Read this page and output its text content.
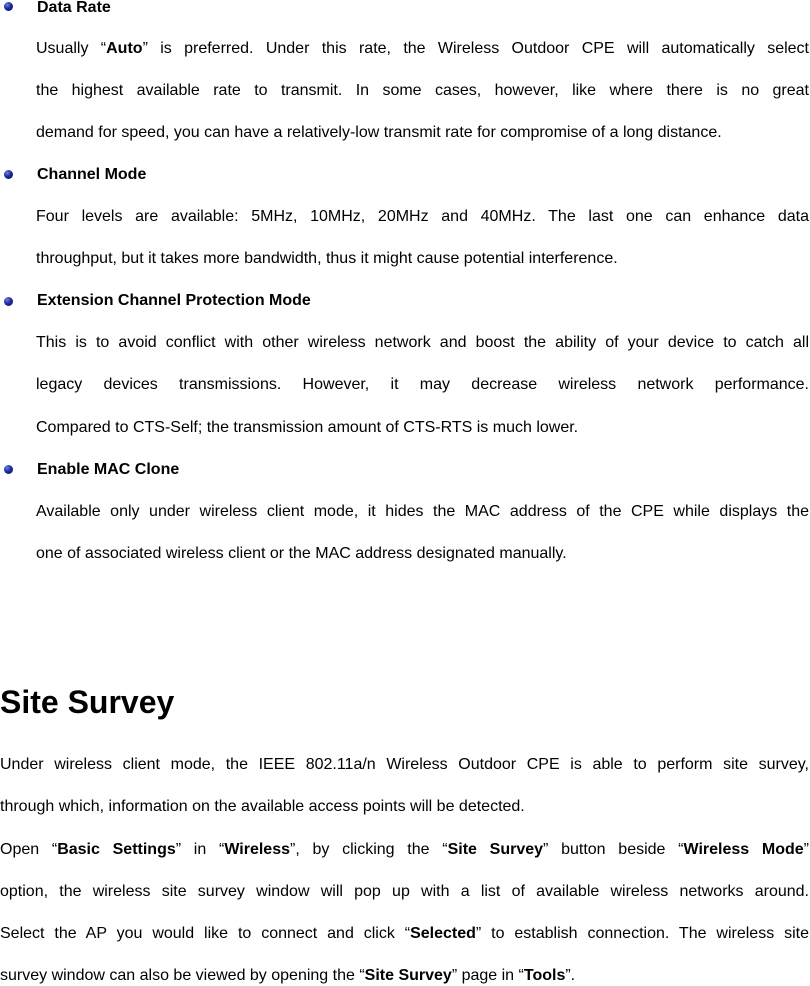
Data Rate
Usually “Auto” is preferred. Under this rate, the Wireless Outdoor CPE will automatically select
the highest available rate to transmit. In some cases, however, like where there is no great
demand for speed, you can have a relatively-low transmit rate for compromise of a long distance.
Channel Mode
Four levels are available: 5MHz, 10MHz, 20MHz and 40MHz. The last one can enhance data
throughput, but it takes more bandwidth, thus it might cause potential interference.
Extension Channel Protection Mode
This is to avoid conflict with other wireless network and boost the ability of your device to catch all
legacy devices transmissions. However, it may decrease wireless network performance.
Compared to CTS-Self; the transmission amount of CTS-RTS is much lower.
Enable MAC Clone
Available only under wireless client mode, it hides the MAC address of the CPE while displays the
one of associated wireless client or the MAC address designated manually.
Site Survey
Under wireless client mode, the IEEE 802.11a/n Wireless Outdoor CPE is able to perform site survey,
through which, information on the available access points will be detected.
Open “Basic Settings” in “Wireless”, by clicking the “Site Survey” button beside “Wireless Mode”
option, the wireless site survey window will pop up with a list of available wireless networks around.
Select the AP you would like to connect and click “Selected” to establish connection. The wireless site
survey window can also be viewed by opening the “Site Survey” page in “Tools”.
